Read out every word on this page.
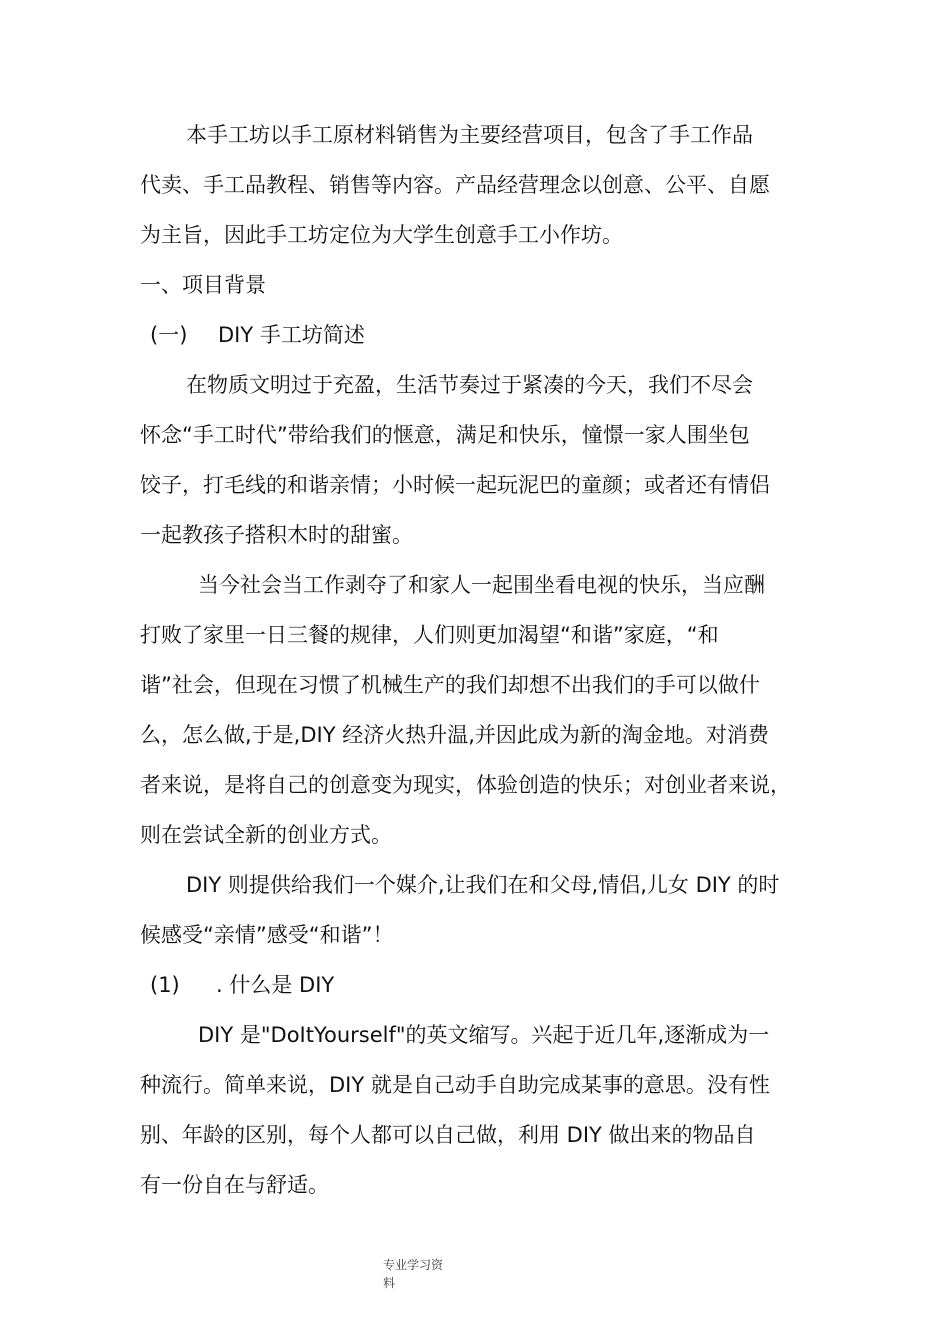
本手工坊以手工原材料销售为主要经营项目，包含了手工作品
代卖、手工品教程、销售等内容。产品经营理念以创意、公平、自愿
为主旨，因此手工坊定位为大学生创意手工小作坊。
一、项目背景
(一) DIY 手工坊简述
在物质文明过于充盈，生活节奏过于紧凑的今天，我们不尽会
怀念“手工时代”带给我们的惬意，满足和快乐，憧憬一家人围坐包
饺子，打毛线的和谐亲情；小时候一起玩泥巴的童颜；或者还有情侣
一起教孩子搭积木时的甜蜜。
当今社会当工作剥夺了和家人一起围坐看电视的快乐，当应酬
打败了家里一日三餐的规律，人们则更加渴望“和谐”家庭，“和
谐”社会，但现在习惯了机械生产的我们却想不出我们的手可以做什
么，怎么做,于是,DIY 经济火热升温,并因此成为新的淘金地。对消费
者来说，是将自己的创意变为现实，体验创造的快乐；对创业者来说，
则在尝试全新的创业方式。
DIY 则提供给我们一个媒介,让我们在和父母,情侣,儿女 DIY 的时
候感受“亲情”感受“和谐”！
(1) . 什么是 DIY
DIY 是"DoItYourself"的英文缩写。兴起于近几年,逐渐成为一
种流行。简单来说，DIY 就是自己动手自助完成某事的意思。没有性
别、年龄的区别，每个人都可以自己做，利用 DIY 做出来的物品自
有一份自在与舒适。
专业学习资
料
